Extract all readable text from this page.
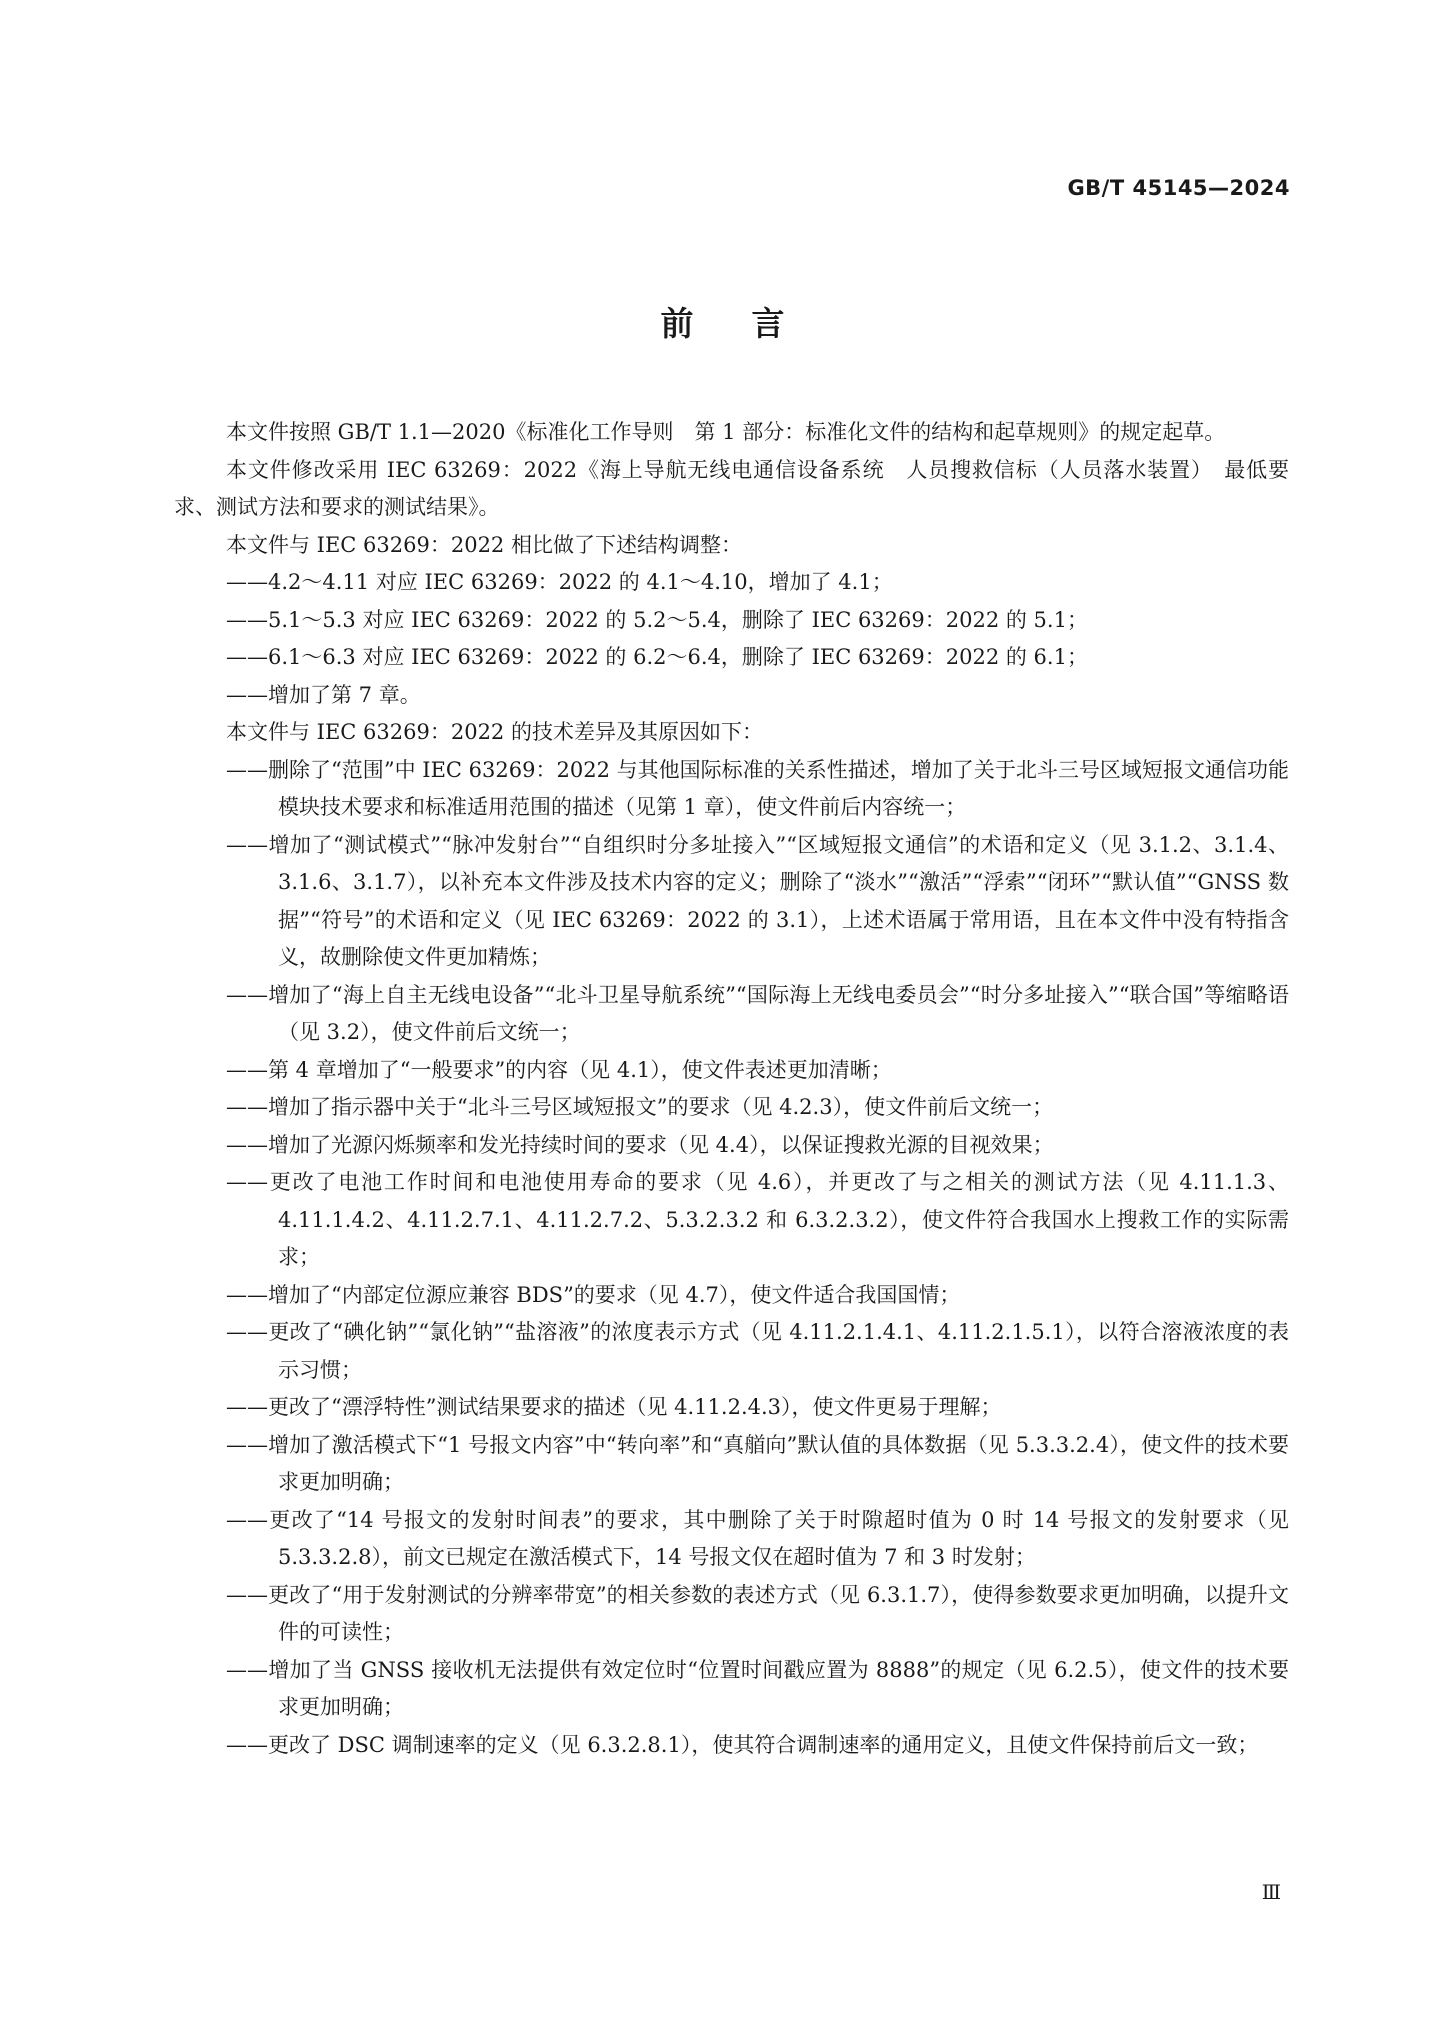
GB/T 45145—2024
前言

本文件按照 GB/T 1.1—2020《标准化工作导则　第 1 部分：标准化文件的结构和起草规则》的规定起草。

本文件修改采用 IEC 63269：2022《海上导航无线电通信设备系统　人员搜救信标（人员落水装置）　最低要求、测试方法和要求的测试结果》。

本文件与 IEC 63269：2022 相比做了下述结构调整：

——4.2～4.11 对应 IEC 63269：2022 的 4.1～4.10，增加了 4.1；

——5.1～5.3 对应 IEC 63269：2022 的 5.2～5.4，删除了 IEC 63269：2022 的 5.1；

——6.1～6.3 对应 IEC 63269：2022 的 6.2～6.4，删除了 IEC 63269：2022 的 6.1；

——增加了第 7 章。

本文件与 IEC 63269：2022 的技术差异及其原因如下：

——删除了“范围”中 IEC 63269：2022 与其他国际标准的关系性描述，增加了关于北斗三号区域短报文通信功能模块技术要求和标准适用范围的描述（见第 1 章），使文件前后内容统一；

——增加了“测试模式”“脉冲发射台”“自组织时分多址接入”“区域短报文通信”的术语和定义（见 3.1.2、3.1.4、3.1.6、3.1.7），以补充本文件涉及技术内容的定义；删除了“淡水”“激活”“浮索”“闭环”“默认值”“GNSS 数据”“符号”的术语和定义（见 IEC 63269：2022 的 3.1），上述术语属于常用语，且在本文件中没有特指含义，故删除使文件更加精炼；

——增加了“海上自主无线电设备”“北斗卫星导航系统”“国际海上无线电委员会”“时分多址接入”“联合国”等缩略语（见 3.2），使文件前后文统一；

——第 4 章增加了“一般要求”的内容（见 4.1），使文件表述更加清晰；

——增加了指示器中关于“北斗三号区域短报文”的要求（见 4.2.3），使文件前后文统一；

——增加了光源闪烁频率和发光持续时间的要求（见 4.4），以保证搜救光源的目视效果；

——更改了电池工作时间和电池使用寿命的要求（见 4.6），并更改了与之相关的测试方法（见 4.11.1.3、4.11.1.4.2、4.11.2.7.1、4.11.2.7.2、5.3.2.3.2 和 6.3.2.3.2），使文件符合我国水上搜救工作的实际需求；

——增加了“内部定位源应兼容 BDS”的要求（见 4.7），使文件适合我国国情；

——更改了“碘化钠”“氯化钠”“盐溶液”的浓度表示方式（见 4.11.2.1.4.1、4.11.2.1.5.1），以符合溶液浓度的表示习惯；

——更改了“漂浮特性”测试结果要求的描述（见 4.11.2.4.3），使文件更易于理解；

——增加了激活模式下“1 号报文内容”中“转向率”和“真艏向”默认值的具体数据（见 5.3.3.2.4），使文件的技术要求更加明确；

——更改了“14 号报文的发射时间表”的要求，其中删除了关于时隙超时值为 0 时 14 号报文的发射要求（见 5.3.3.2.8），前文已规定在激活模式下，14 号报文仅在超时值为 7 和 3 时发射；

——更改了“用于发射测试的分辨率带宽”的相关参数的表述方式（见 6.3.1.7），使得参数要求更加明确，以提升文件的可读性；

——增加了当 GNSS 接收机无法提供有效定位时“位置时间戳应置为 8888”的规定（见 6.2.5），使文件的技术要求更加明确；

——更改了 DSC 调制速率的定义（见 6.3.2.8.1），使其符合调制速率的通用定义，且使文件保持前后文一致；

Ⅲ
